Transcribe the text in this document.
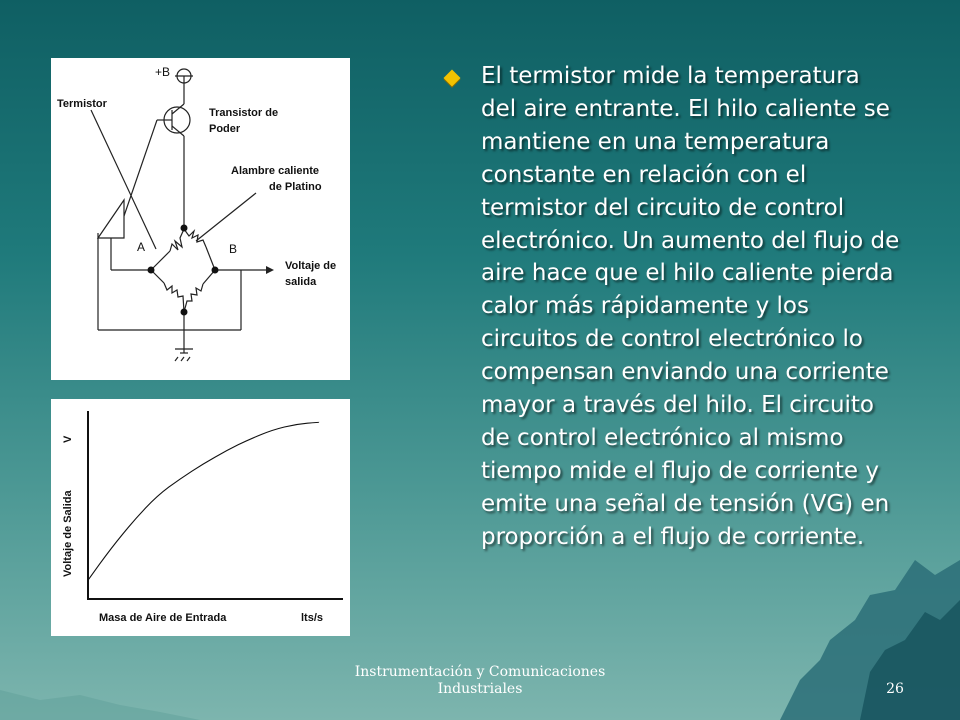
+B
Termistor
Transistor de
Poder
Alambre caliente
de Platino
A	B
Voltaje de
salida
Voltaje de Salida
V
Masa de Aire de Entrada	lts/s
El termistor mide la temperatura del aire entrante. El hilo caliente se mantiene en una temperatura constante en relación con el termistor del circuito de control electrónico. Un aumento del flujo de aire hace que el hilo caliente pierda calor más rápidamente y los circuitos de control electrónico lo compensan enviando una corriente mayor a través del hilo. El circuito de control electrónico al mismo tiempo mide el flujo de corriente y emite una señal de tensión (VG) en proporción a el flujo de corriente.
Instrumentación y Comunicaciones Industriales	26
